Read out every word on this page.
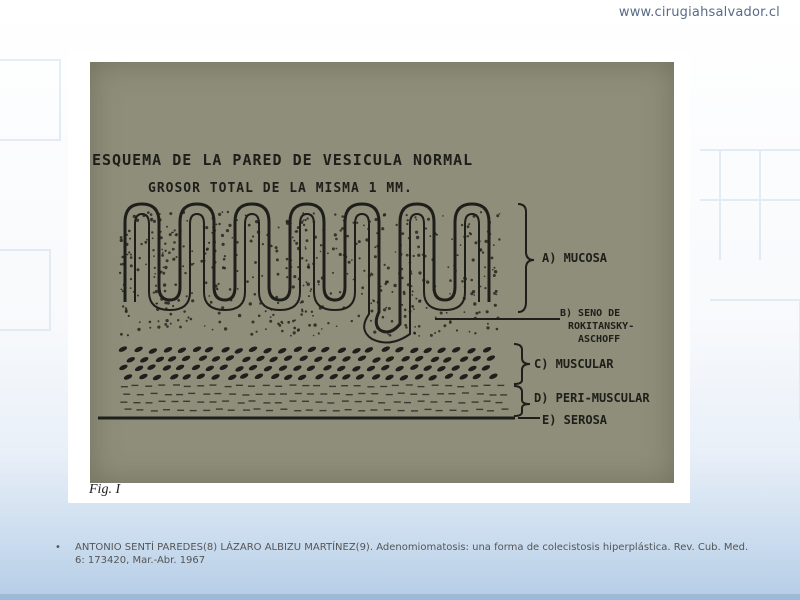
www.cirugiahsalvador.cl
ESQUEMA DE LA PARED DE VESICULA NORMAL
GROSOR TOTAL DE LA MISMA 1 MM.
A) MUCOSA
B) SENO DE
ROKITANSKY-
ASCHOFF
C) MUSCULAR
D) PERI-MUSCULAR
E) SEROSA
Fig. I
•	ANTONIO SENTÍ PAREDES(8) LÁZARO ALBIZU MARTÍNEZ(9). Adenomiomatosis: una forma de colecistosis hiperplástica. Rev. Cub. Med. 6: 173420, Mar.-Abr. 1967
